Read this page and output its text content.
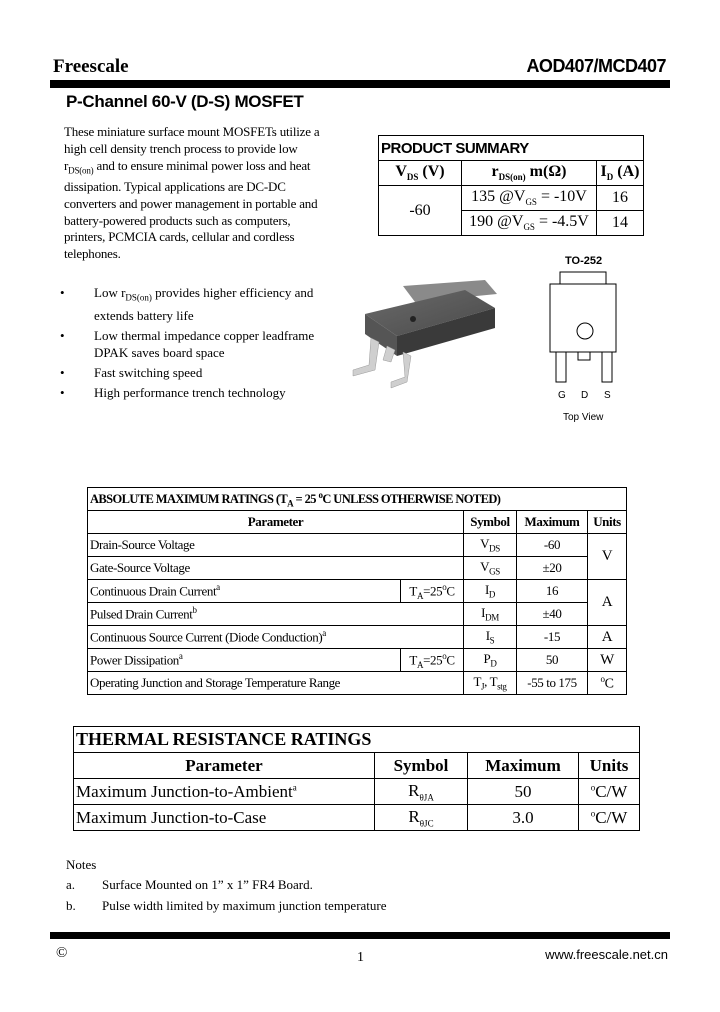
Freescale	AOD407/MCD407
P-Channel 60-V (D-S) MOSFET
These miniature surface mount MOSFETs utilize a
high cell density trench process to provide low
$r_{DS(on)}$ and to ensure minimal power loss and heat
dissipation. Typical applications are DC-DC
converters and power management in portable and
battery-powered products such as computers,
printers, PCMCIA cards, cellular and cordless
telephones.
• Low $r_{DS(on)}$ provides higher efficiency and
extends battery life
• Low thermal impedance copper leadframe
DPAK saves board space
• Fast switching speed
• High performance trench technology
PRODUCT SUMMARY		
$V_{DS}$ (V)	$r_{DS(on)}$ m(Ω)	$I_D$ (A)
-60	135 $@V_{GS} = -10V$	16
	190 $@V_{GS} = -4.5V$	14
TO-252
G D S
Top View
ABSOLUTE MAXIMUM RATINGS ($T_A = 25$ $^o$C UNLESS OTHERWISE NOTED)				
Parameter		Symbol	Maximum	Units
Drain-Source Voltage		$V_{DS}$	-60	V
Gate-Source Voltage		$V_{GS}$	±20	
Continuous Drain Current$^a$	$T_A=25^oC$	$I_D$	16	A
Pulsed Drain Current$^b$		$I_{DM}$	±40	
Continuous Source Current (Diode Conduction)$^a$		$I_S$	-15	A
Power Dissipation$^a$	$T_A=25^oC$	$P_D$	50	W
Operating Junction and Storage Temperature Range		$T_J$, $T_{stg}$	-55 to 175	$^o$C
THERMAL RESISTANCE RATINGS			
Parameter	Symbol	Maximum	Units
Maximum Junction-to-Ambient$^a$	$R_{\theta JA}$	50	$^o$C/W
Maximum Junction-to-Case	$R_{\theta JC}$	3.0	$^o$C/W
Notes
a. Surface Mounted on 1” x 1” FR4 Board.
b. Pulse width limited by maximum junction temperature
©	1	www.freescale.net.cn
